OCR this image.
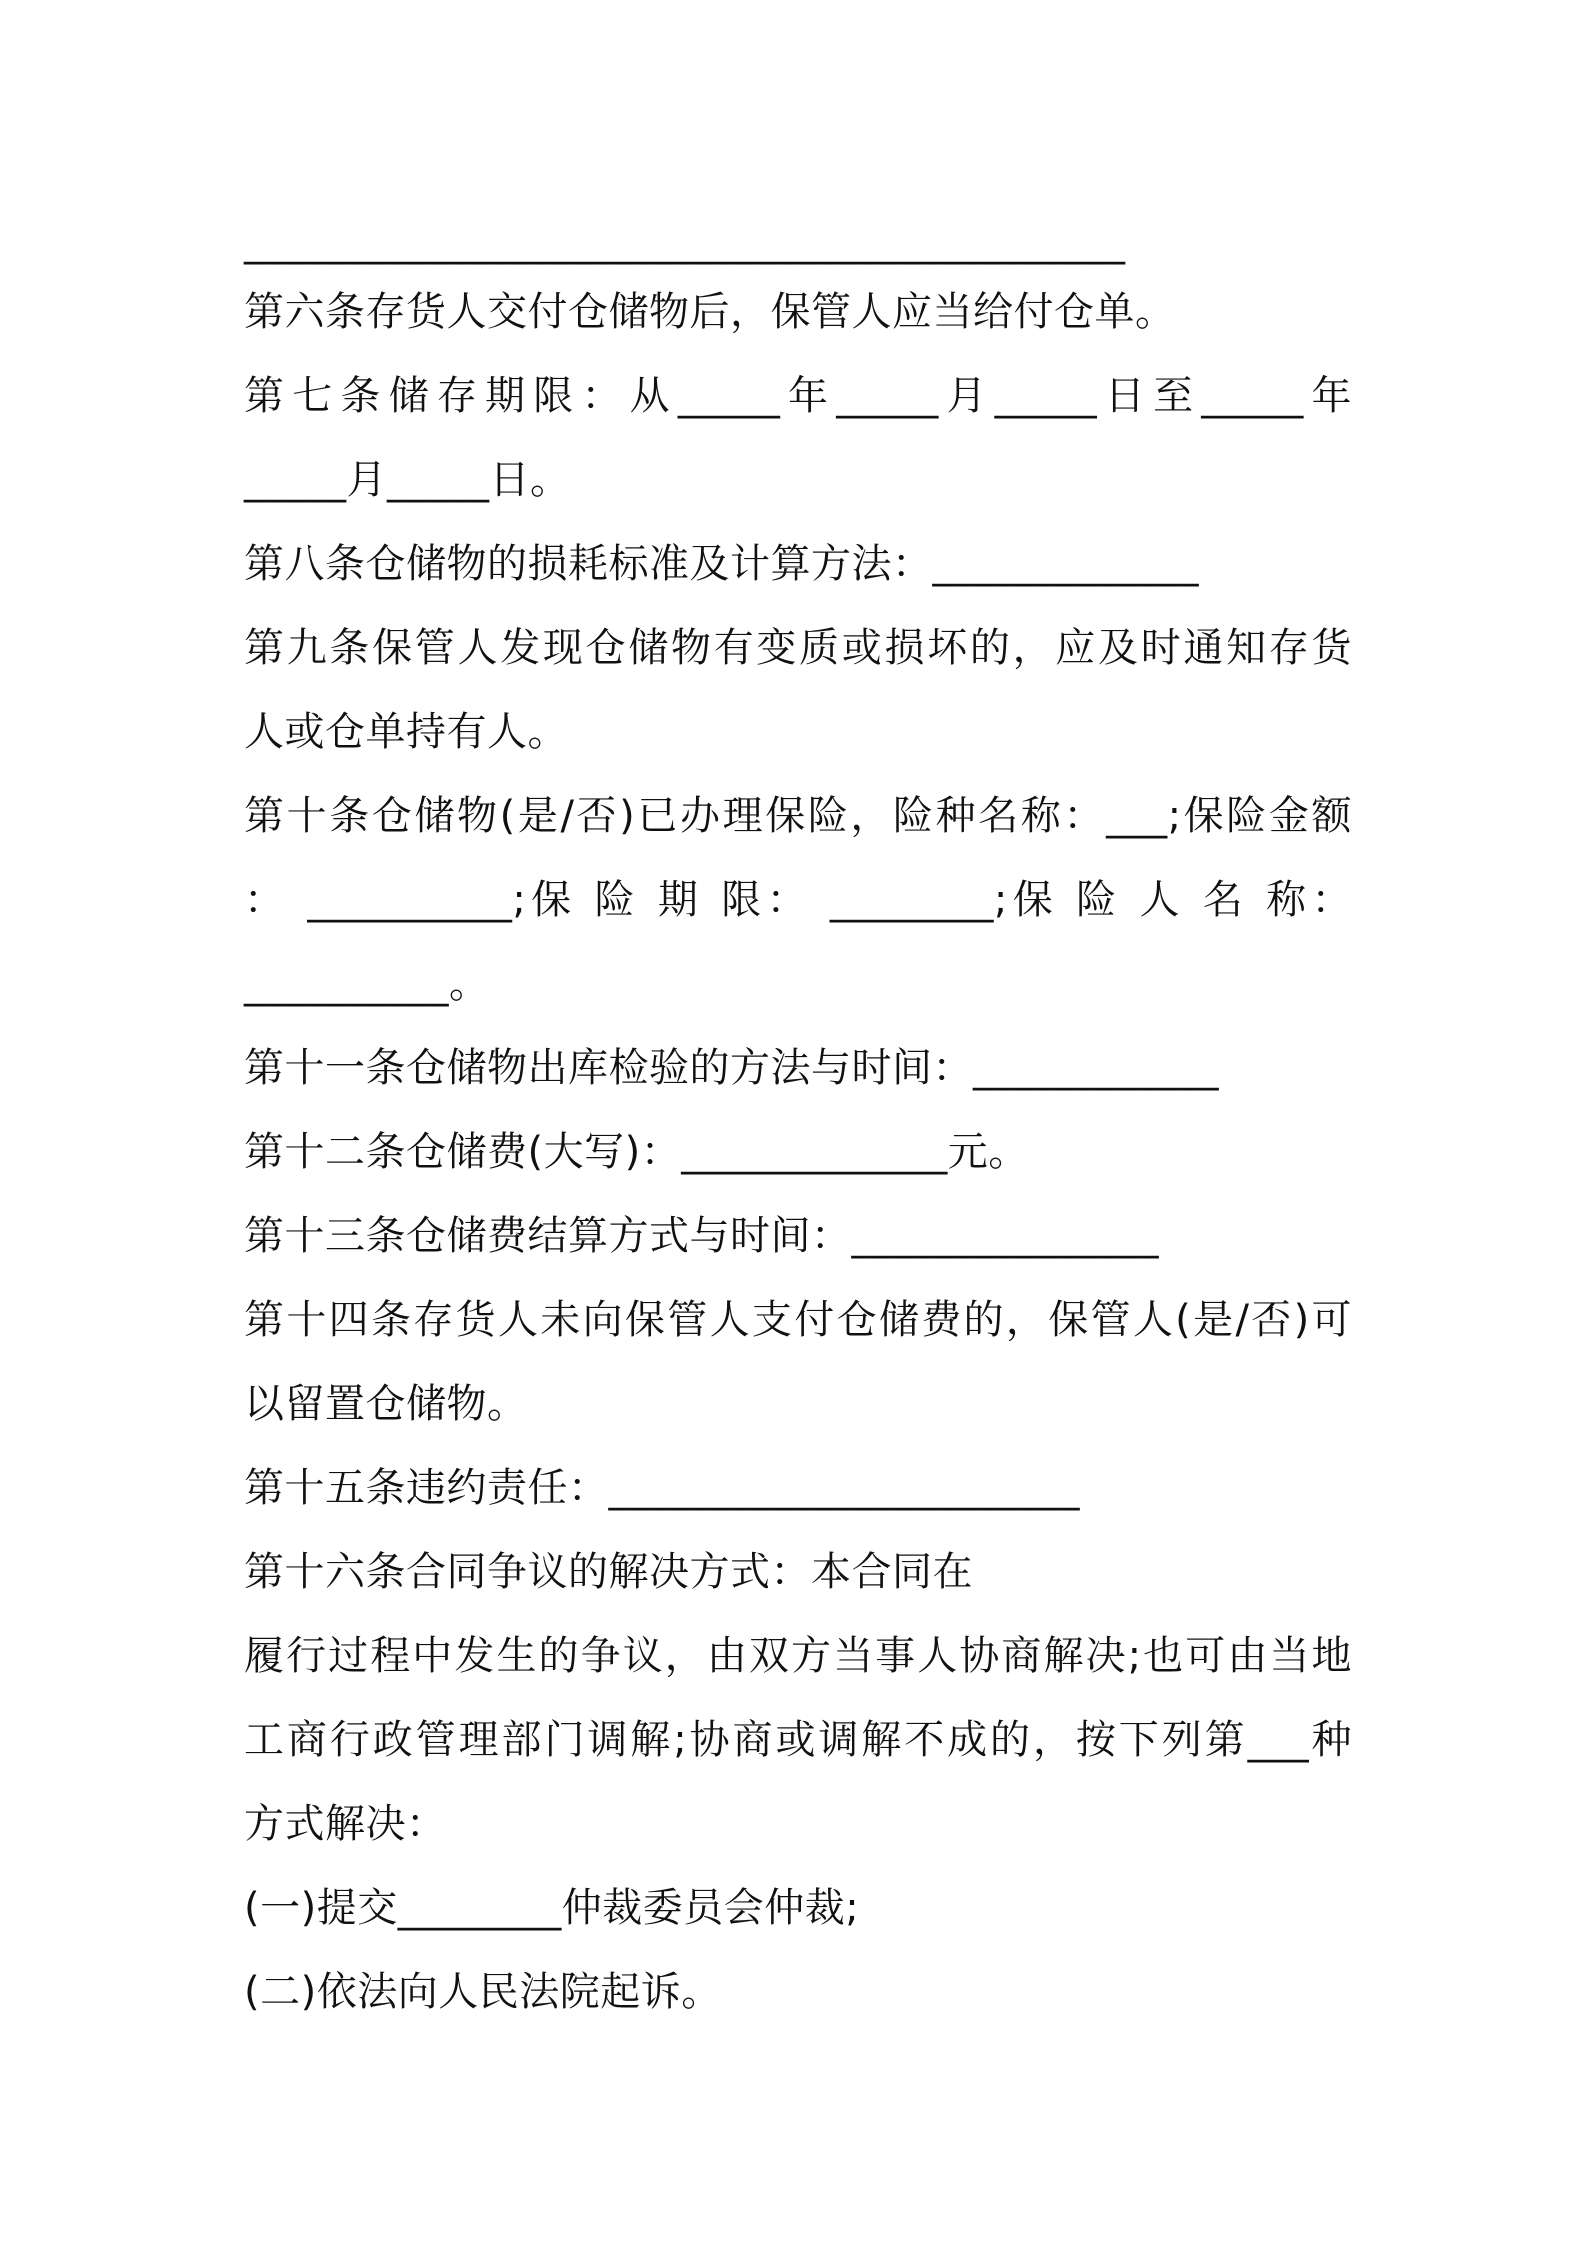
___________________________________________
第六条存货人交付仓储物后，保管人应当给付仓单。
第七条储存期限：从_____年_____月_____日至_____年
_____月_____日。
第八条仓储物的损耗标准及计算方法：_____________
第九条保管人发现仓储物有变质或损坏的，应及时通知存货
人或仓单持有人。
第十条仓储物(是/否)已办理保险，险种名称：___;保险金额
： __________;保 险 期 限： ________;保 险 人 名 称：
__________。
第十一条仓储物出库检验的方法与时间：____________
第十二条仓储费(大写)：_____________元。
第十三条仓储费结算方式与时间：_______________
第十四条存货人未向保管人支付仓储费的，保管人(是/否)可
以留置仓储物。
第十五条违约责任：_______________________
第十六条合同争议的解决方式：本合同在
履行过程中发生的争议，由双方当事人协商解决;也可由当地
工商行政管理部门调解;协商或调解不成的，按下列第___种
方式解决：
(一)提交________仲裁委员会仲裁;
(二)依法向人民法院起诉。
